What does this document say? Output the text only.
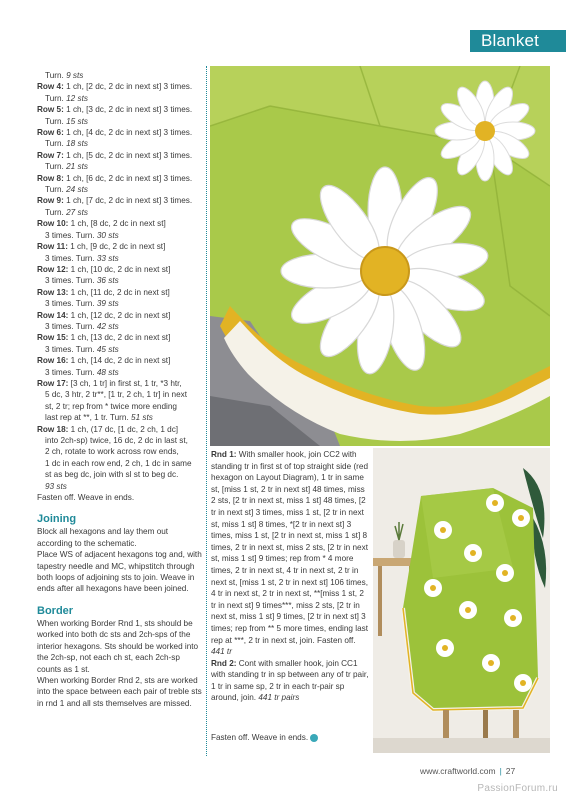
Blanket

Turn. 9 sts

Row 4: 1 ch, [2 dc, 2 dc in next st] 3 times.

Turn. 12 sts

Row 5: 1 ch, [3 dc, 2 dc in next st] 3 times.

Turn. 15 sts

Row 6: 1 ch, [4 dc, 2 dc in next st] 3 times.

Turn. 18 sts

Row 7: 1 ch, [5 dc, 2 dc in next st] 3 times.

Turn. 21 sts

Row 8: 1 ch, [6 dc, 2 dc in next st] 3 times.

Turn. 24 sts

Row 9: 1 ch, [7 dc, 2 dc in next st] 3 times.

Turn. 27 sts

Row 10: 1 ch, [8 dc, 2 dc in next st]

3 times. Turn. 30 sts

Row 11: 1 ch, [9 dc, 2 dc in next st]

3 times. Turn. 33 sts

Row 12: 1 ch, [10 dc, 2 dc in next st]

3 times. Turn. 36 sts

Row 13: 1 ch, [11 dc, 2 dc in next st]

3 times. Turn. 39 sts

Row 14: 1 ch, [12 dc, 2 dc in next st]

3 times. Turn. 42 sts

Row 15: 1 ch, [13 dc, 2 dc in next st]

3 times. Turn. 45 sts

Row 16: 1 ch, [14 dc, 2 dc in next st]

3 times. Turn. 48 sts

Row 17: [3 ch, 1 tr] in first st, 1 tr, *3 htr,

5 dc, 3 htr, 2 tr**, [1 tr, 2 ch, 1 tr] in next

st, 2 tr; rep from * twice more ending

last rep at **, 1 tr. Turn. 51 sts

Row 18: 1 ch, (17 dc, [1 dc, 2 ch, 1 dc]

into 2ch-sp) twice, 16 dc, 2 dc in last st,

2 ch, rotate to work across row ends,

1 dc in each row end, 2 ch, 1 dc in same

st as beg dc, join with sl st to beg dc.

93 sts

Fasten off. Weave in ends.

Joining

Block all hexagons and lay them out according to the schematic.

Place WS of adjacent hexagons tog and, with tapestry needle and MC, whipstitch through both loops of adjoining sts to join. Weave in ends after all hexagons have been joined.

Border

When working Border Rnd 1, sts should be worked into both dc sts and 2ch-sps of the interior hexagons. Sts should be worked into the 2ch-sp, not each ch st, each 2ch-sp counts as 1 st.

When working Border Rnd 2, sts are worked into the space between each pair of treble sts in rnd 1 and all sts themselves are missed.

Rnd 1: With smaller hook, join CC2 with standing tr in first st of top straight side (red hexagon on Layout Diagram), 1 tr in same st, [miss 1 st, 2 tr in next st] 48 times, miss 2 sts, [2 tr in next st, miss 1 st] 48 times, [2 tr in next st] 3 times, miss 1 st, [2 tr in next st, miss 1 st] 8 times, *[2 tr in next st] 3 times, miss 1 st, [2 tr in next st, miss 1 st] 8 times, 2 tr in next st, miss 2 sts, [2 tr in next st, miss 1 st] 9 times; rep from * 4 more times, 2 tr in next st, 4 tr in next st, 2 tr in next st, [miss 1 st, 2 tr in next st] 106 times, 4 tr in next st, 2 tr in next st, **[miss 1 st, 2 tr in next st] 9 times***, miss 2 sts, [2 tr in next st, miss 1 st] 9 times, [2 tr in next st] 3 times; rep from ** 5 more times, ending last rep at ***, 2 tr in next st, join. Fasten off. 441 tr

Rnd 2: Cont with smaller hook, join CC1 with standing tr in sp between any of tr pair, 1 tr in same sp, 2 tr in each tr-pair sp around, join. 441 tr pairs

Fasten off. Weave in ends.
www.craftworld.com | 27
PassionForum.ru
